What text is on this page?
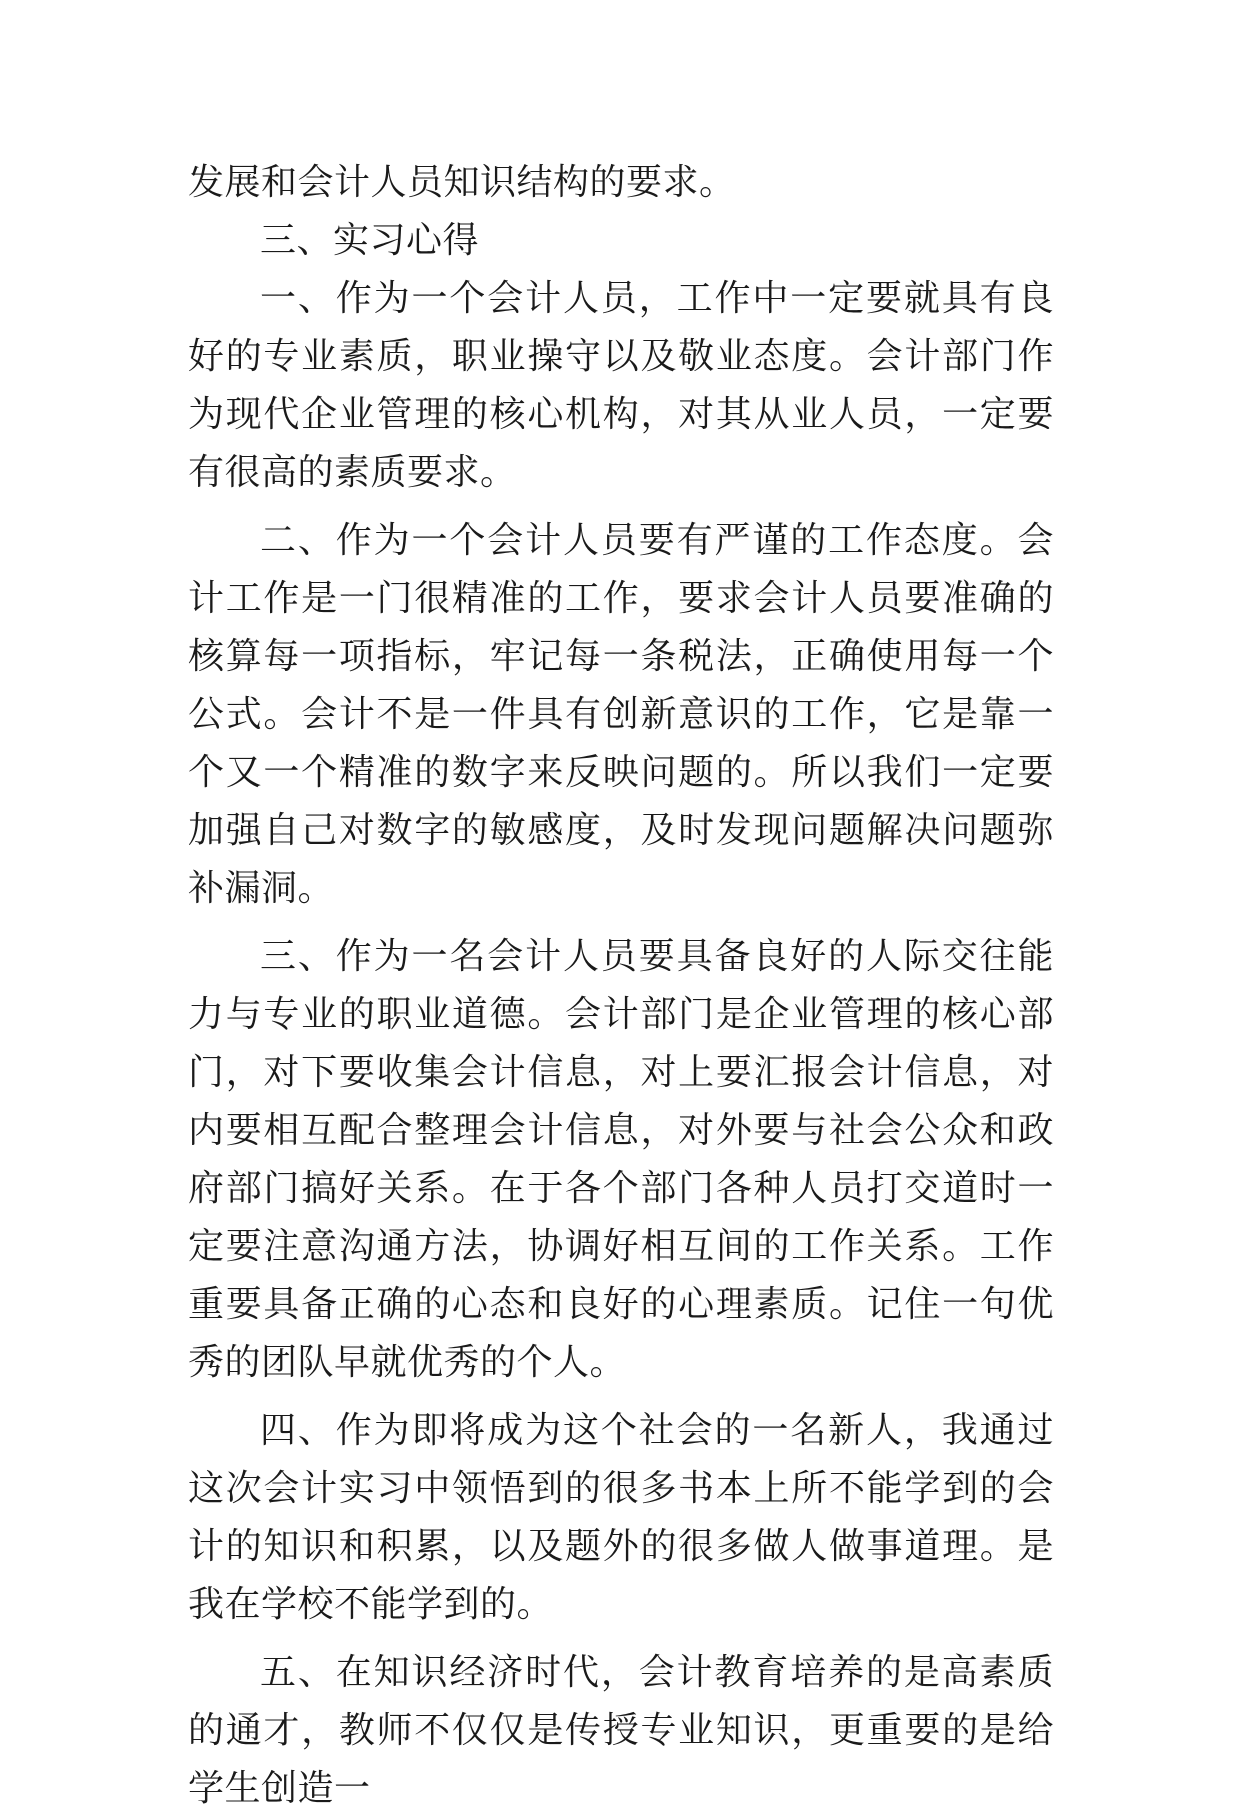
发展和会计人员知识结构的要求。

三、实习心得

一、作为一个会计人员，工作中一定要就具有良好的专业素质，职业操守以及敬业态度。会计部门作为现代企业管理的核心机构，对其从业人员，一定要有很高的素质要求。

二、作为一个会计人员要有严谨的工作态度。会计工作是一门很精准的工作，要求会计人员要准确的核算每一项指标，牢记每一条税法，正确使用每一个公式。会计不是一件具有创新意识的工作，它是靠一个又一个精准的数字来反映问题的。所以我们一定要加强自己对数字的敏感度，及时发现问题解决问题弥补漏洞。

三、作为一名会计人员要具备良好的人际交往能力与专业的职业道德。会计部门是企业管理的核心部门，对下要收集会计信息，对上要汇报会计信息，对内要相互配合整理会计信息，对外要与社会公众和政府部门搞好关系。在于各个部门各种人员打交道时一定要注意沟通方法，协调好相互间的工作关系。工作重要具备正确的心态和良好的心理素质。记住一句优秀的团队早就优秀的个人。

四、作为即将成为这个社会的一名新人，我通过这次会计实习中领悟到的很多书本上所不能学到的会计的知识和积累，以及题外的很多做人做事道理。是我在学校不能学到的。

五、在知识经济时代，会计教育培养的是高素质的通才，教师不仅仅是传授专业知识，更重要的是给学生创造一
